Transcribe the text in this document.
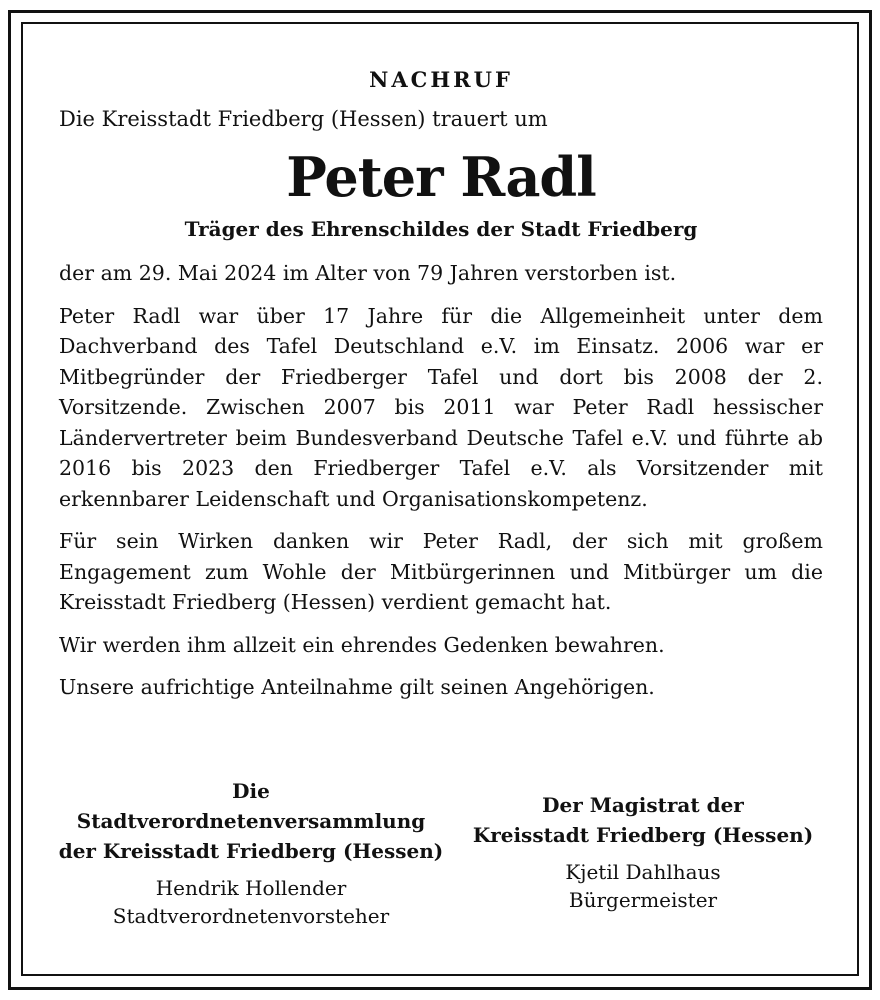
NACHRUF

Die Kreisstadt Friedberg (Hessen) trauert um

Peter Radl

Träger des Ehrenschildes der Stadt Friedberg

der am 29. Mai 2024 im Alter von 79 Jahren verstorben ist.

Peter Radl war über 17 Jahre für die Allgemeinheit unter dem Dachverband des Tafel Deutschland e.V. im Einsatz. 2006 war er Mitbegründer der Friedberger Tafel und dort bis 2008 der 2. Vorsitzende. Zwischen 2007 bis 2011 war Peter Radl hessischer Ländervertreter beim Bundesverband Deutsche Tafel e.V. und führte ab 2016 bis 2023 den Friedberger Tafel e.V. als Vorsitzender mit erkennbarer Leidenschaft und Organisationskompetenz.

Für sein Wirken danken wir Peter Radl, der sich mit großem Engagement zum Wohle der Mitbürgerinnen und Mitbürger um die Kreisstadt Friedberg (Hessen) verdient gemacht hat.

Wir werden ihm allzeit ein ehrendes Gedenken bewahren.

Unsere aufrichtige Anteilnahme gilt seinen Angehörigen.

Die
Stadtverordnetenversammlung
der Kreisstadt Friedberg (Hessen)
Hendrik Hollender
Stadtverordnetenvorsteher
Der Magistrat der
Kreisstadt Friedberg (Hessen)
Kjetil Dahlhaus
Bürgermeister
